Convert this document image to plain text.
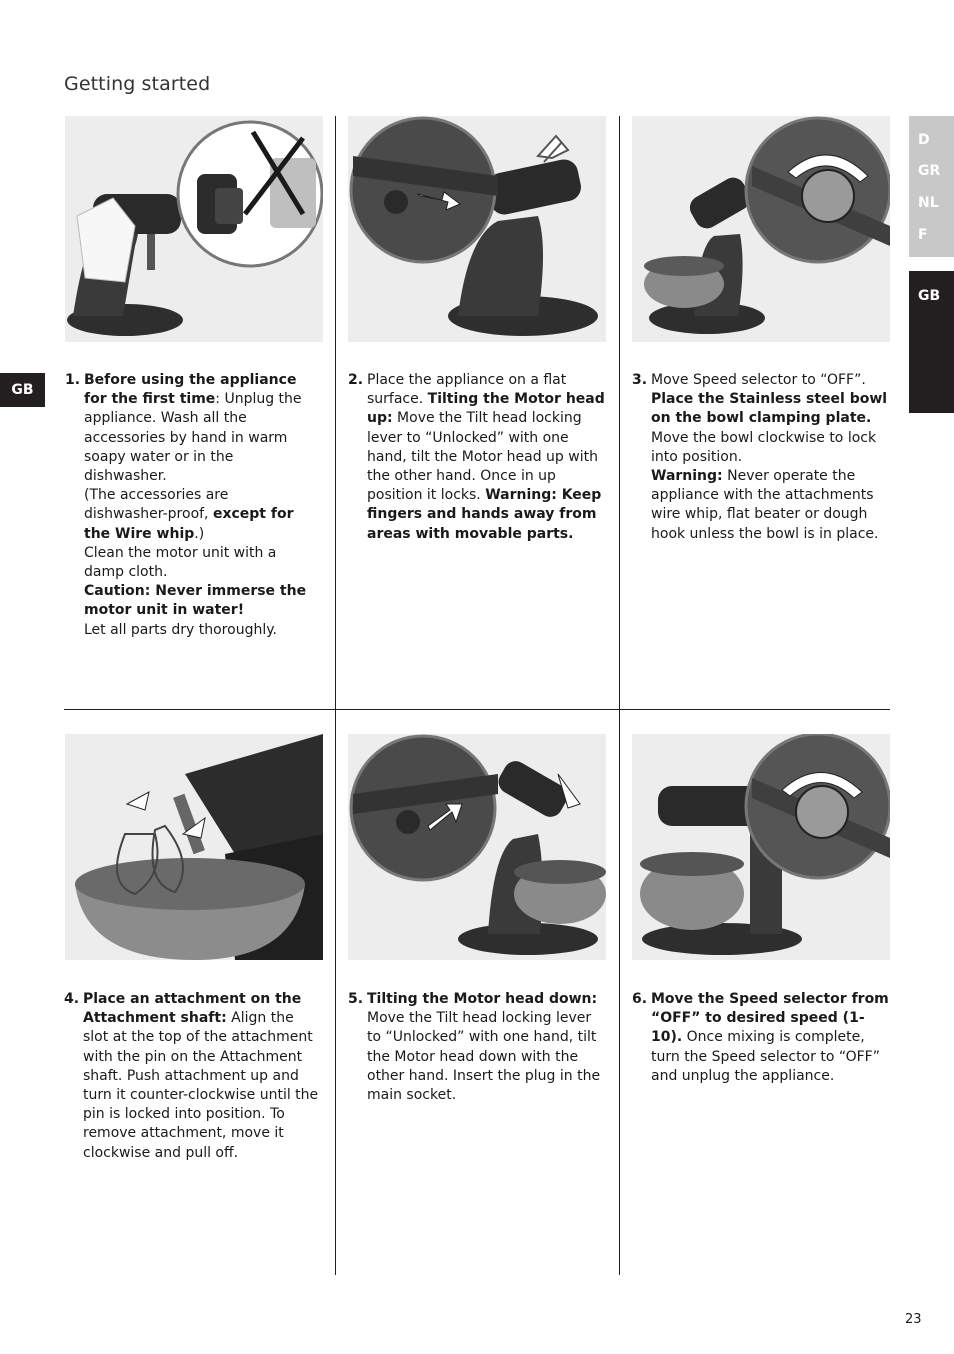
Getting started
GB
D
GR
NL
F
GB
1. Before using the appliance for the first time: Unplug the appliance. Wash all the accessories by hand in warm soapy water or in the dishwasher.
(The accessories are dishwasher-proof, except for the Wire whip.)
Clean the motor unit with a damp cloth.
Caution: Never immerse the motor unit in water!
Let all parts dry thoroughly.
2. Place the appliance on a flat surface. Tilting the Motor head up: Move the Tilt head locking lever to “Unlocked” with one hand, tilt the Motor head up with the other hand. Once in up position it locks. Warning: Keep fingers and hands away from areas with movable parts.
3. Move Speed selector to “OFF”. Place the Stainless steel bowl on the bowl clamping plate. Move the bowl clockwise to lock into position.
Warning: Never operate the appliance with the attachments wire whip, flat beater or dough hook unless the bowl is in place.
4. Place an attachment on the Attachment shaft: Align the slot at the top of the attachment with the pin on the Attachment shaft. Push attachment up and turn it counter-clockwise until the pin is locked into position. To remove attachment, move it clockwise and pull off.
5. Tilting the Motor head down: Move the Tilt head locking lever to “Unlocked” with one hand, tilt the Motor head down with the other hand. Insert the plug in the main socket.
6. Move the Speed selector from “OFF” to desired speed (1-10). Once mixing is complete, turn the Speed selector to “OFF” and unplug the appliance.
23
